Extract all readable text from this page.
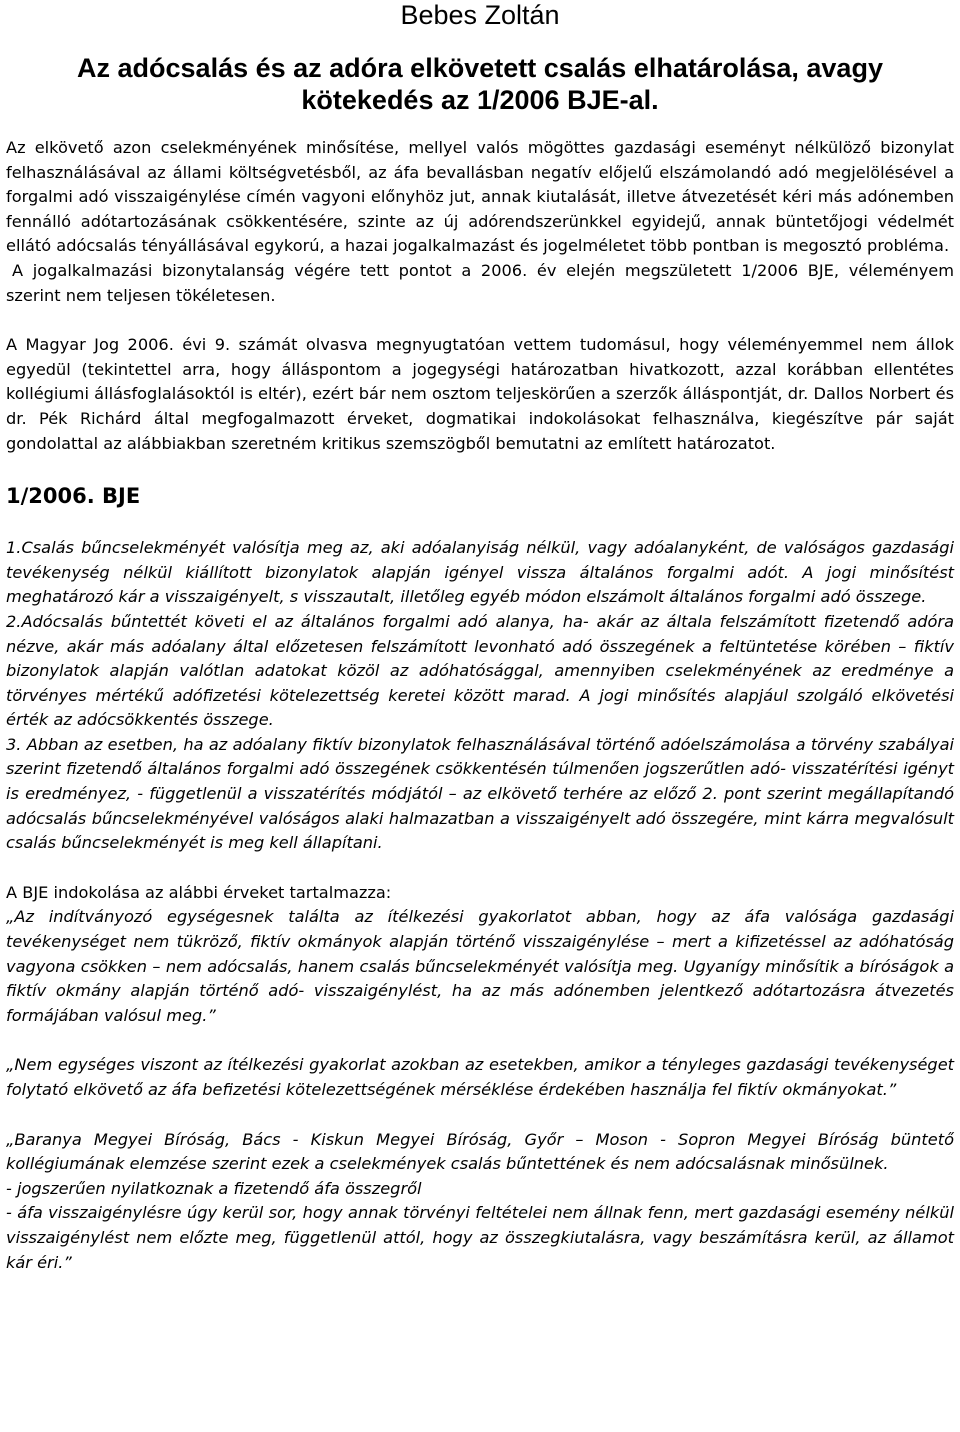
Bebes Zoltán

Az adócsalás és az adóra elkövetett csalás elhatárolása, avagy
kötekedés az 1/2006 BJE-al.

Az elkövető azon cselekményének minősítése, mellyel valós mögöttes gazdasági eseményt nélkülöző bizonylat felhasználásával az állami költségvetésből, az áfa bevallásban negatív előjelű elszámolandó adó megjelölésével a forgalmi adó visszaigénylése címén vagyoni előnyhöz jut, annak kiutalását, illetve átvezetését kéri más adónemben fennálló adótartozásának csökkentésére, szinte az új adórendszerünkkel egyidejű, annak büntetőjogi védelmét ellátó adócsalás tényállásával egykorú, a hazai jogalkalmazást és jogelméletet több pontban is megosztó probléma.

A jogalkalmazási bizonytalanság végére tett pontot a 2006. év elején megszületett 1/2006 BJE, véleményem szerint nem teljesen tökéletesen.

A Magyar Jog 2006. évi 9. számát olvasva megnyugtatóan vettem tudomásul, hogy véleményemmel nem állok egyedül (tekintettel arra, hogy álláspontom a jogegységi határozatban hivatkozott, azzal korábban ellentétes kollégiumi állásfoglalásoktól is eltér), ezért bár nem osztom teljeskörűen a szerzők álláspontját, dr. Dallos Norbert és dr. Pék Richárd által megfogalmazott érveket, dogmatikai indokolásokat felhasználva, kiegészítve pár saját gondolattal az alábbiakban szeretném kritikus szemszögből bemutatni az említett határozatot.

1/2006. BJE

1.Csalás bűncselekményét valósítja meg az, aki adóalanyiság nélkül, vagy adóalanyként, de valóságos gazdasági tevékenység nélkül kiállított bizonylatok alapján igényel vissza általános forgalmi adót. A jogi minősítést meghatározó kár a visszaigényelt, s visszautalt, illetőleg egyéb módon elszámolt általános forgalmi adó összege.

2.Adócsalás bűntettét követi el az általános forgalmi adó alanya, ha- akár az általa felszámított fizetendő adóra nézve, akár más adóalany által előzetesen felszámított levonható adó összegének a feltüntetése körében – fiktív bizonylatok alapján valótlan adatokat közöl az adóhatósággal, amennyiben cselekményének az eredménye a törvényes mértékű adófizetési kötelezettség keretei között marad. A jogi minősítés alapjául szolgáló elkövetési érték az adócsökkentés összege.

3. Abban az esetben, ha az adóalany fiktív bizonylatok felhasználásával történő adóelszámolása a törvény szabályai szerint fizetendő általános forgalmi adó összegének csökkentésén túlmenően jogszerűtlen adó- visszatérítési igényt is eredményez, - függetlenül a visszatérítés módjától – az elkövető terhére az előző 2. pont szerint megállapítandó adócsalás bűncselekményével valóságos alaki halmazatban a visszaigényelt adó összegére, mint kárra megvalósult csalás bűncselekményét is meg kell állapítani.

A BJE indokolása az alábbi érveket tartalmazza:

„Az indítványozó egységesnek találta az ítélkezési gyakorlatot abban, hogy az áfa valósága gazdasági tevékenységet nem tükröző, fiktív okmányok alapján történő visszaigénylése – mert a kifizetéssel az adóhatóság vagyona csökken – nem adócsalás, hanem csalás bűncselekményét valósítja meg. Ugyanígy minősítik a bíróságok a fiktív okmány alapján történő adó- visszaigénylést, ha az más adónemben jelentkező adótartozásra átvezetés formájában valósul meg.”

„Nem egységes viszont az ítélkezési gyakorlat azokban az esetekben, amikor a tényleges gazdasági tevékenységet folytató elkövető az áfa befizetési kötelezettségének mérséklése érdekében használja fel fiktív okmányokat.”

„Baranya Megyei Bíróság, Bács - Kiskun Megyei Bíróság, Győr – Moson - Sopron Megyei Bíróság büntető kollégiumának elemzése szerint ezek a cselekmények csalás bűntettének és nem adócsalásnak minősülnek.

- jogszerűen nyilatkoznak a fizetendő áfa összegről

- áfa visszaigénylésre úgy kerül sor, hogy annak törvényi feltételei nem állnak fenn, mert gazdasági esemény nélkül visszaigénylést nem előzte meg, függetlenül attól, hogy az összegkiutalásra, vagy beszámításra kerül, az államot kár éri.”
